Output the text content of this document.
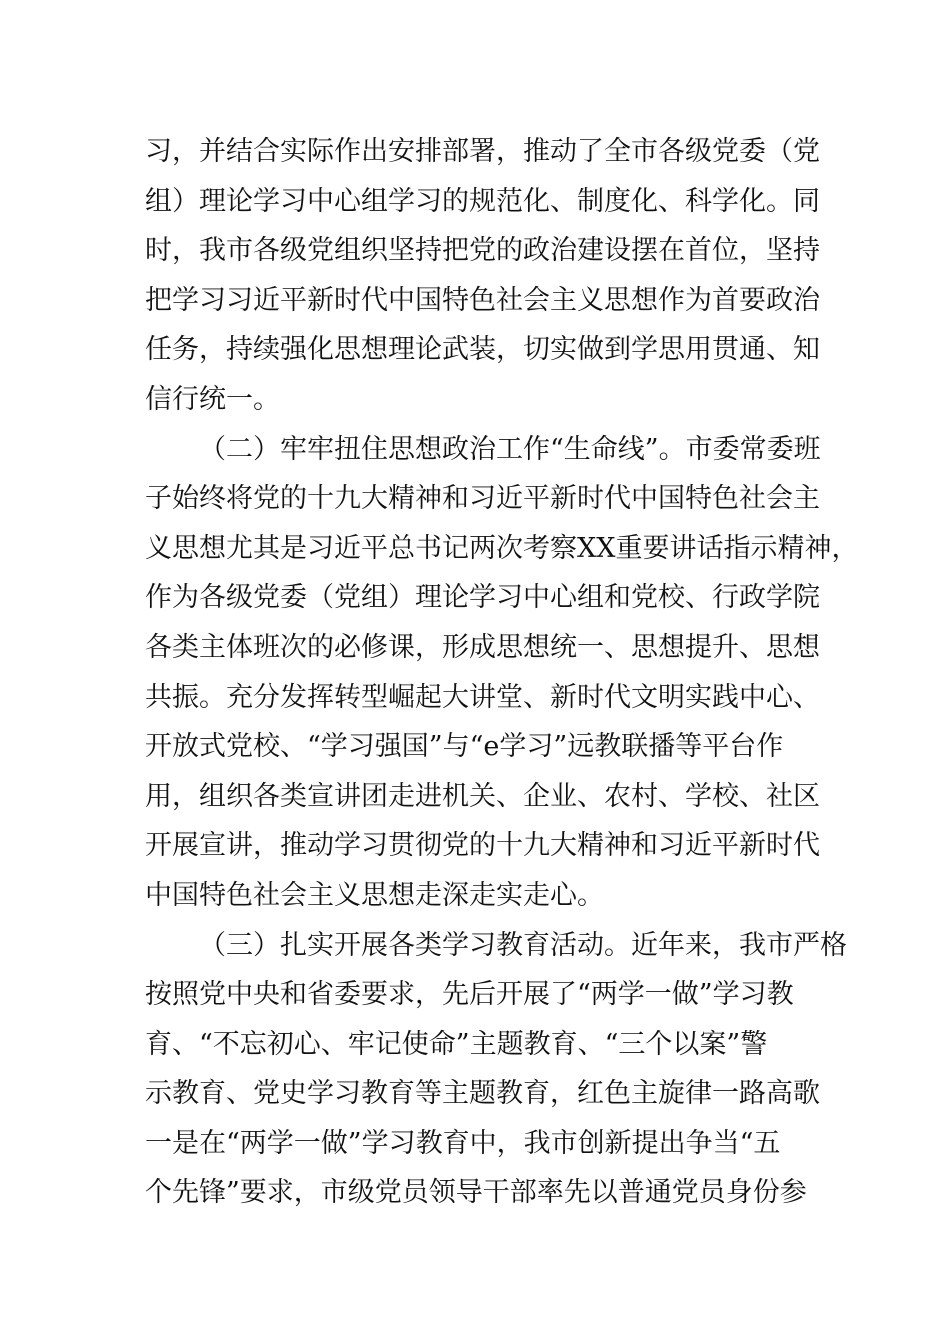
习，并结合实际作出安排部署，推动了全市各级党委（党
组）理论学习中心组学习的规范化、制度化、科学化。同
时，我市各级党组织坚持把党的政治建设摆在首位，坚持
把学习习近平新时代中国特色社会主义思想作为首要政治
任务，持续强化思想理论武装，切实做到学思用贯通、知
信行统一。
（二）牢牢扭住思想政治工作“生命线”。市委常委班
子始终将党的十九大精神和习近平新时代中国特色社会主
义思想尤其是习近平总书记两次考察XX重要讲话指示精神，
作为各级党委（党组）理论学习中心组和党校、行政学院
各类主体班次的必修课，形成思想统一、思想提升、思想
共振。充分发挥转型崛起大讲堂、新时代文明实践中心、
开放式党校、“学习强国”与“e学习”远教联播等平台作
用，组织各类宣讲团走进机关、企业、农村、学校、社区
开展宣讲，推动学习贯彻党的十九大精神和习近平新时代
中国特色社会主义思想走深走实走心。
（三）扎实开展各类学习教育活动。近年来，我市严格
按照党中央和省委要求，先后开展了“两学一做”学习教
育、“不忘初心、牢记使命”主题教育、“三个以案”警
示教育、党史学习教育等主题教育，红色主旋律一路高歌
一是在“两学一做”学习教育中，我市创新提出争当“五
个先锋”要求，市级党员领导干部率先以普通党员身份参
